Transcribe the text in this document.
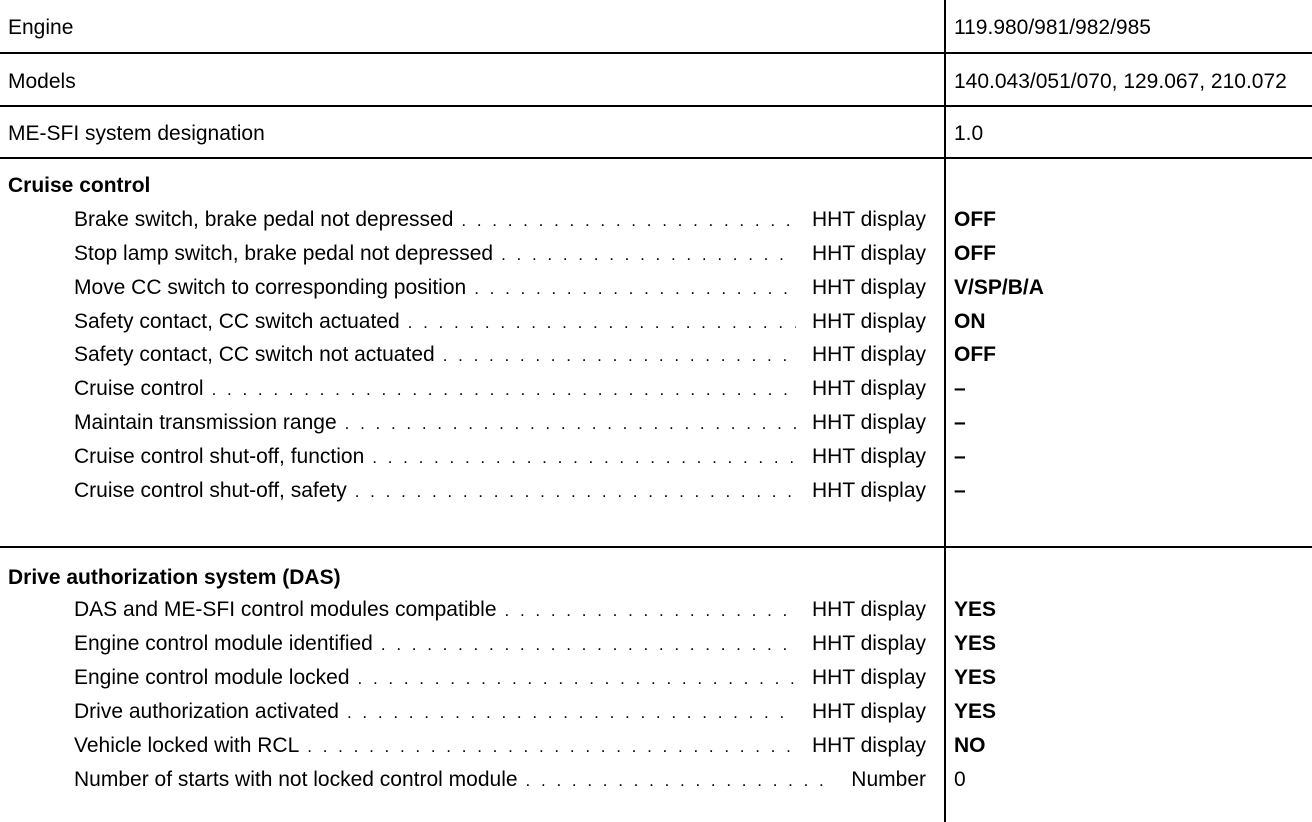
Engine	119.980/981/982/985
Models	140.043/051/070, 129.067, 210.072
ME-SFI system designation	1.0
Cruise control
Brake switch, brake pedal not depressed . . .	HHT display OFF
Stop lamp switch, brake pedal not depressed . . .	HHT display OFF
Move CC switch to corresponding position . . .	HHT display V/SP/B/A
Safety contact, CC switch actuated . . .	HHT display ON
Safety contact, CC switch not actuated . . .	HHT display OFF
Cruise control . . .	HHT display –
Maintain transmission range . . .	HHT display –
Cruise control shut-off, function . . .	HHT display –
Cruise control shut-off, safety . . .	HHT display –
Drive authorization system (DAS)
DAS and ME-SFI control modules compatible . . .	HHT display YES
Engine control module identified . . .	HHT display YES
Engine control module locked . . .	HHT display YES
Drive authorization activated . . .	HHT display YES
Vehicle locked with RCL . . .	HHT display NO
Number of starts with not locked control module . . .	Number 0
